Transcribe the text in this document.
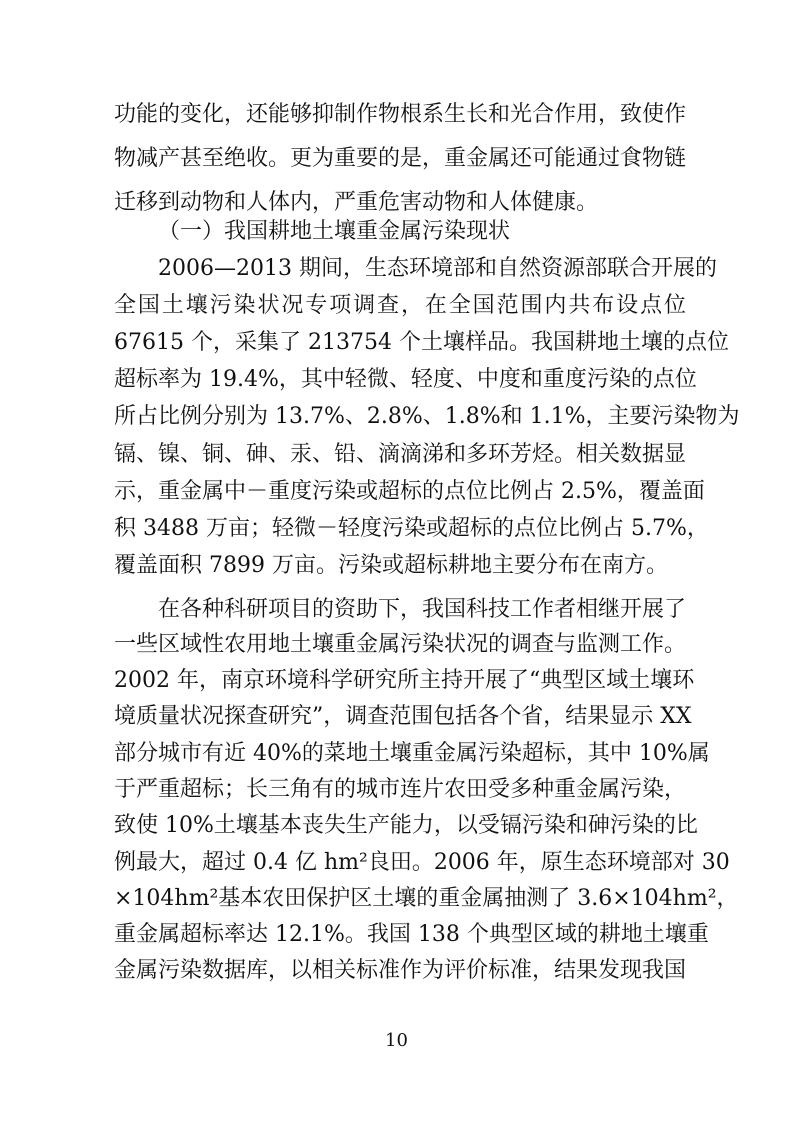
功能的变化，还能够抑制作物根系生长和光合作用，致使作
物减产甚至绝收。更为重要的是，重金属还可能通过食物链
迁移到动物和人体内，严重危害动物和人体健康。
（一）我国耕地土壤重金属污染现状
2006—2013 期间，生态环境部和自然资源部联合开展的
全国土壤污染状况专项调查，在全国范围内共布设点位
67615 个，采集了 213754 个土壤样品。我国耕地土壤的点位
超标率为 19.4%，其中轻微、轻度、中度和重度污染的点位
所占比例分别为 13.7%、2.8%、1.8%和 1.1%，主要污染物为
镉、镍、铜、砷、汞、铅、滴滴涕和多环芳烃。相关数据显
示，重金属中－重度污染或超标的点位比例占 2.5%，覆盖面
积 3488 万亩；轻微－轻度污染或超标的点位比例占 5.7%，
覆盖面积 7899 万亩。污染或超标耕地主要分布在南方。
在各种科研项目的资助下，我国科技工作者相继开展了
一些区域性农用地土壤重金属污染状况的调查与监测工作。
2002 年，南京环境科学研究所主持开展了“典型区域土壤环
境质量状况探查研究”，调查范围包括各个省，结果显示 XX
部分城市有近 40%的菜地土壤重金属污染超标，其中 10%属
于严重超标；长三角有的城市连片农田受多种重金属污染，
致使 10%土壤基本丧失生产能力，以受镉污染和砷污染的比
例最大，超过 0.4 亿 hm²良田。2006 年，原生态环境部对 30
×104hm²基本农田保护区土壤的重金属抽测了 3.6×104hm²，
重金属超标率达 12.1%。我国 138 个典型区域的耕地土壤重
金属污染数据库，以相关标准作为评价标准，结果发现我国
10
